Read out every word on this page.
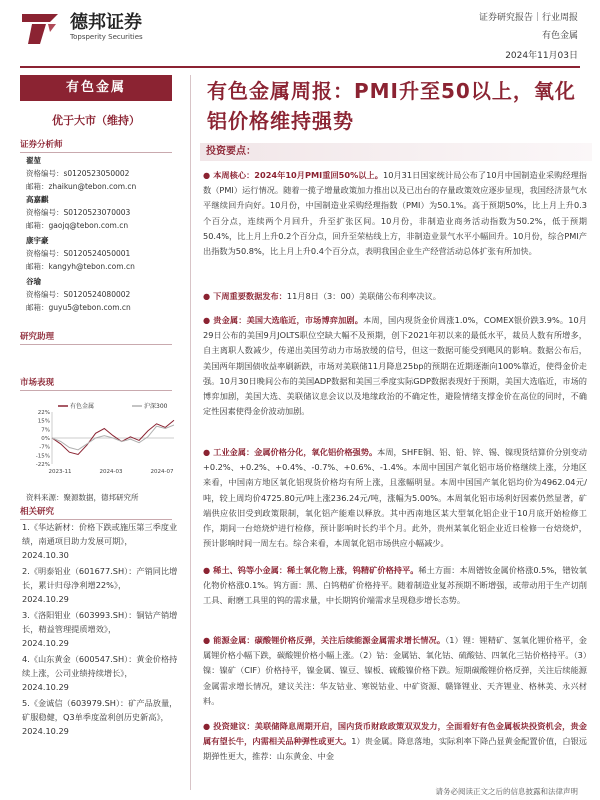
德邦证券
Topsperity Securities
证券研究报告｜行业周报
有色金属
2024年11月03日
有色金属
优于大市（维持）
证券分析师
翟堃
资格编号：s0120523050002
邮箱：zhaikun@tebon.com.cn
高嘉麒
资格编号：S0120523070003
邮箱：gaojq@tebon.com.cn
康宇豪
资格编号：S0120524050001
邮箱：kangyh@tebon.com.cn
谷瑜
资格编号：S0120524080002
邮箱：guyu5@tebon.com.cn
研究助理
市场表现
22%
15%
7%
0%
-7%
-15%
-22%
2023-11	2024-03	2024-07
有色金属	沪深300
资料来源：聚源数据，德邦研究所
相关研究

1.《华达新材：价格下跌或施压第三季度业绩，南通项目助力发展可期》，
2024.10.30

2.《明泰铝业（601677.SH）：产销同比增长，累计归母净利增22%》，
2024.10.29

3.《洛阳钼业（603993.SH）：铜钴产销增长，精益管理提质增效》，
2024.10.29

4.《山东黄金（600547.SH）：黄金价格持续上涨，公司业绩持续增长》，
2024.10.29

5.《金诚信（603979.SH）：矿产品放量，矿服稳健，Q3单季度盈利创历史新高》，
2024.10.29

有色金属周报：PMI升至50以上，氧化铝价格维持强势
投资要点：
● 本周核心：2024年10月PMI重回50%以上。10月31日国家统计局公布了10月中国制造业采购经理指数（PMI）运行情况。随着一揽子增量政策加力推出以及已出台的存量政策效应逐步显现，我国经济景气水平继续回升向好。10月份，中国制造业采购经理指数（PMI）为50.1%。高于预期50%，比上月上升0.3个百分点，连续两个月回升，升至扩张区间。10月份，非制造业商务活动指数为50.2%，低于预期50.4%，比上月上升0.2个百分点，回升至荣枯线上方，非制造业景气水平小幅回升。10月份，综合PMI产出指数为50.8%，比上月上升0.4个百分点，表明我国企业生产经营活动总体扩张有所加快。
● 下周重要数据发布：11月8日（3：00）美联储公布利率决议。
● 贵金属：美国大选临近，市场博弈加剧。本周，国内现货金价周涨1.0%，COMEX银价跌3.9%。10月29日公布的美国9月JOLTS职位空缺大幅不及预期，创下2021年初以来的最低水平，裁员人数有所增多，自主离职人数减少，传递出美国劳动力市场放缓的信号，但这一数据可能受到飓风的影响。数据公布后，美国两年期国债收益率刷新跌，市场对美联储11月降息25bp的预期在近期逐渐向100%靠近，使得金价走强。10月30日晚间公布的美国ADP数据和美国三季度实际GDP数据表现好于预期，美国大选临近，市场的博弈加剧，美国大选、美联储议息会议以及地缘政治的不确定性，避险情绪支撑金价在高位的同时，不确定性因素使得金价波动加剧。
● 工业金属：金属价格分化，氧化铝价格强势。本周，SHFE铜、铝、铅、锌、锡、镍现货结算价分别变动+0.2%、+0.2%、+0.4%、-0.7%、+0.6%、-1.4%。本周中国国产氧化铝市场价格继续上涨，分地区来看，中国南方地区氧化铝现货价格均有所上涨，且涨幅明显。本周中国国产氧化铝均价为4962.04元/吨，较上周均价4725.80元/吨上涨236.24元/吨，涨幅为5.00%。本周氧化铝市场利好因素仍然显著，矿端供应依旧受到政策限制，氧化铝产能难以释放。其中西南地区某大型氧化铝企业于10月底开始检修工作，期间一台焙烧炉进行检修，预计影响时长约半个月。此外，贵州某氧化铝企业近日检修一台焙烧炉，预计影响时间一周左右。综合来看，本周氧化铝市场供应小幅减少。
● 稀土、钨等小金属：稀土氧化物上涨，钨精矿价格持平。稀土方面：本周镨钕金属价格涨0.5%，镨钕氧化物价格涨0.1%。钨方面：黑、白钨精矿价格持平。随着制造业复苏预期不断增强，或带动用于生产切削工具、耐磨工具里的钨的需求量，中长期钨价端需求呈现稳步增长态势。
● 能源金属：碳酸锂价格反弹，关注后续能源金属需求增长情况。（1）锂：锂精矿、氢氧化锂价格平，金属锂价格小幅下跌，碳酸锂价格小幅上涨。（2）钴：金属钴、氧化钴、硫酸钴、四氧化三钴价格持平。（3）镍：镍矿（CIF）价格持平，镍金属、镍豆、镍板、硫酸镍价格下跌。短期碳酸锂价格反弹，关注后续能源金属需求增长情况，建议关注：华友钴业、寒锐钴业、中矿资源、赣锋锂业、天齐锂业、格林美、永兴材料。
● 投资建议：美联储降息周期开启，国内货币财政政策双双发力，全面看好有色金属板块投资机会，贵金属有望长牛，内需相关品种弹性或更大。1）贵金属。降息落地，实际利率下降凸显黄金配置价值，白银远期弹性更大，推荐：山东黄金、中金
请务必阅读正文之后的信息披露和法律声明
